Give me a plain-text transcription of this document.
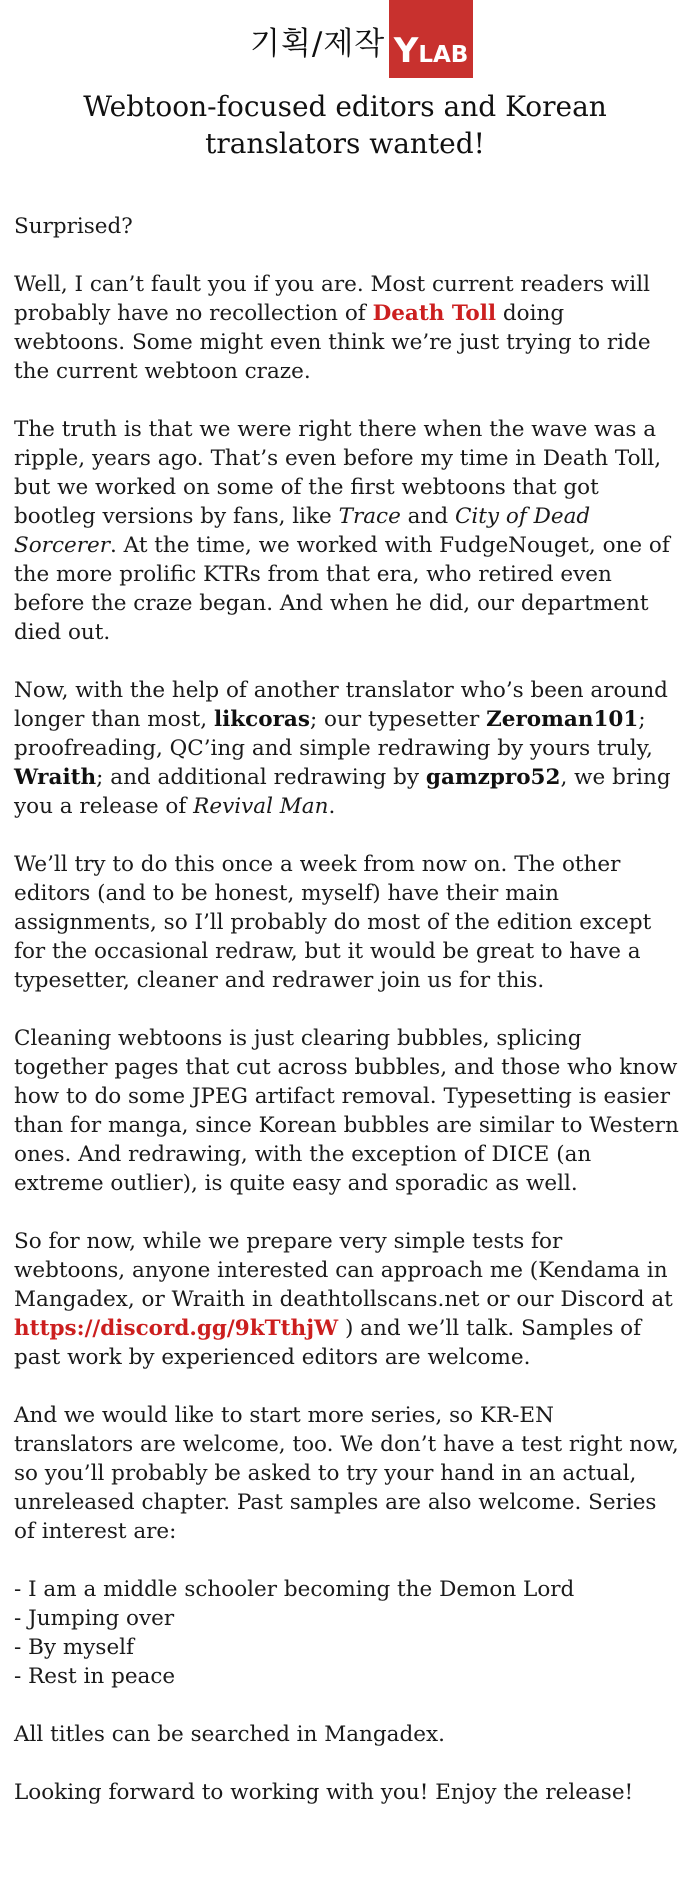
기획/제작 Y LAB
Webtoon-focused editors and Korean translators wanted!

Surprised?

Well, I can’t fault you if you are. Most current readers will probably have no recollection of Death Toll doing webtoons. Some might even think we’re just trying to ride the current webtoon craze.

The truth is that we were right there when the wave was a ripple, years ago. That’s even before my time in Death Toll, but we worked on some of the first webtoons that got bootleg versions by fans, like Trace and City of Dead Sorcerer. At the time, we worked with FudgeNouget, one of the more prolific KTRs from that era, who retired even before the craze began. And when he did, our department died out.

Now, with the help of another translator who’s been around longer than most, likcoras; our typesetter Zeroman101; proofreading, QC’ing and simple redrawing by yours truly, Wraith; and additional redrawing by gamzpro52, we bring you a release of Revival Man.

We’ll try to do this once a week from now on. The other editors (and to be honest, myself) have their main assignments, so I’ll probably do most of the edition except for the occasional redraw, but it would be great to have a typesetter, cleaner and redrawer join us for this.

Cleaning webtoons is just clearing bubbles, splicing together pages that cut across bubbles, and those who know how to do some JPEG artifact removal. Typesetting is easier than for manga, since Korean bubbles are similar to Western ones. And redrawing, with the exception of DICE (an extreme outlier), is quite easy and sporadic as well.

So for now, while we prepare very simple tests for webtoons, anyone interested can approach me (Kendama in Mangadex, or Wraith in deathtollscans.net or our Discord at https://discord.gg/9kTthjW ) and we’ll talk. Samples of past work by experienced editors are welcome.

And we would like to start more series, so KR-EN translators are welcome, too. We don’t have a test right now, so you’ll probably be asked to try your hand in an actual, unreleased chapter. Past samples are also welcome. Series of interest are:

- I am a middle schooler becoming the Demon Lord
- Jumping over
- By myself
- Rest in peace

All titles can be searched in Mangadex.

Looking forward to working with you! Enjoy the release!
